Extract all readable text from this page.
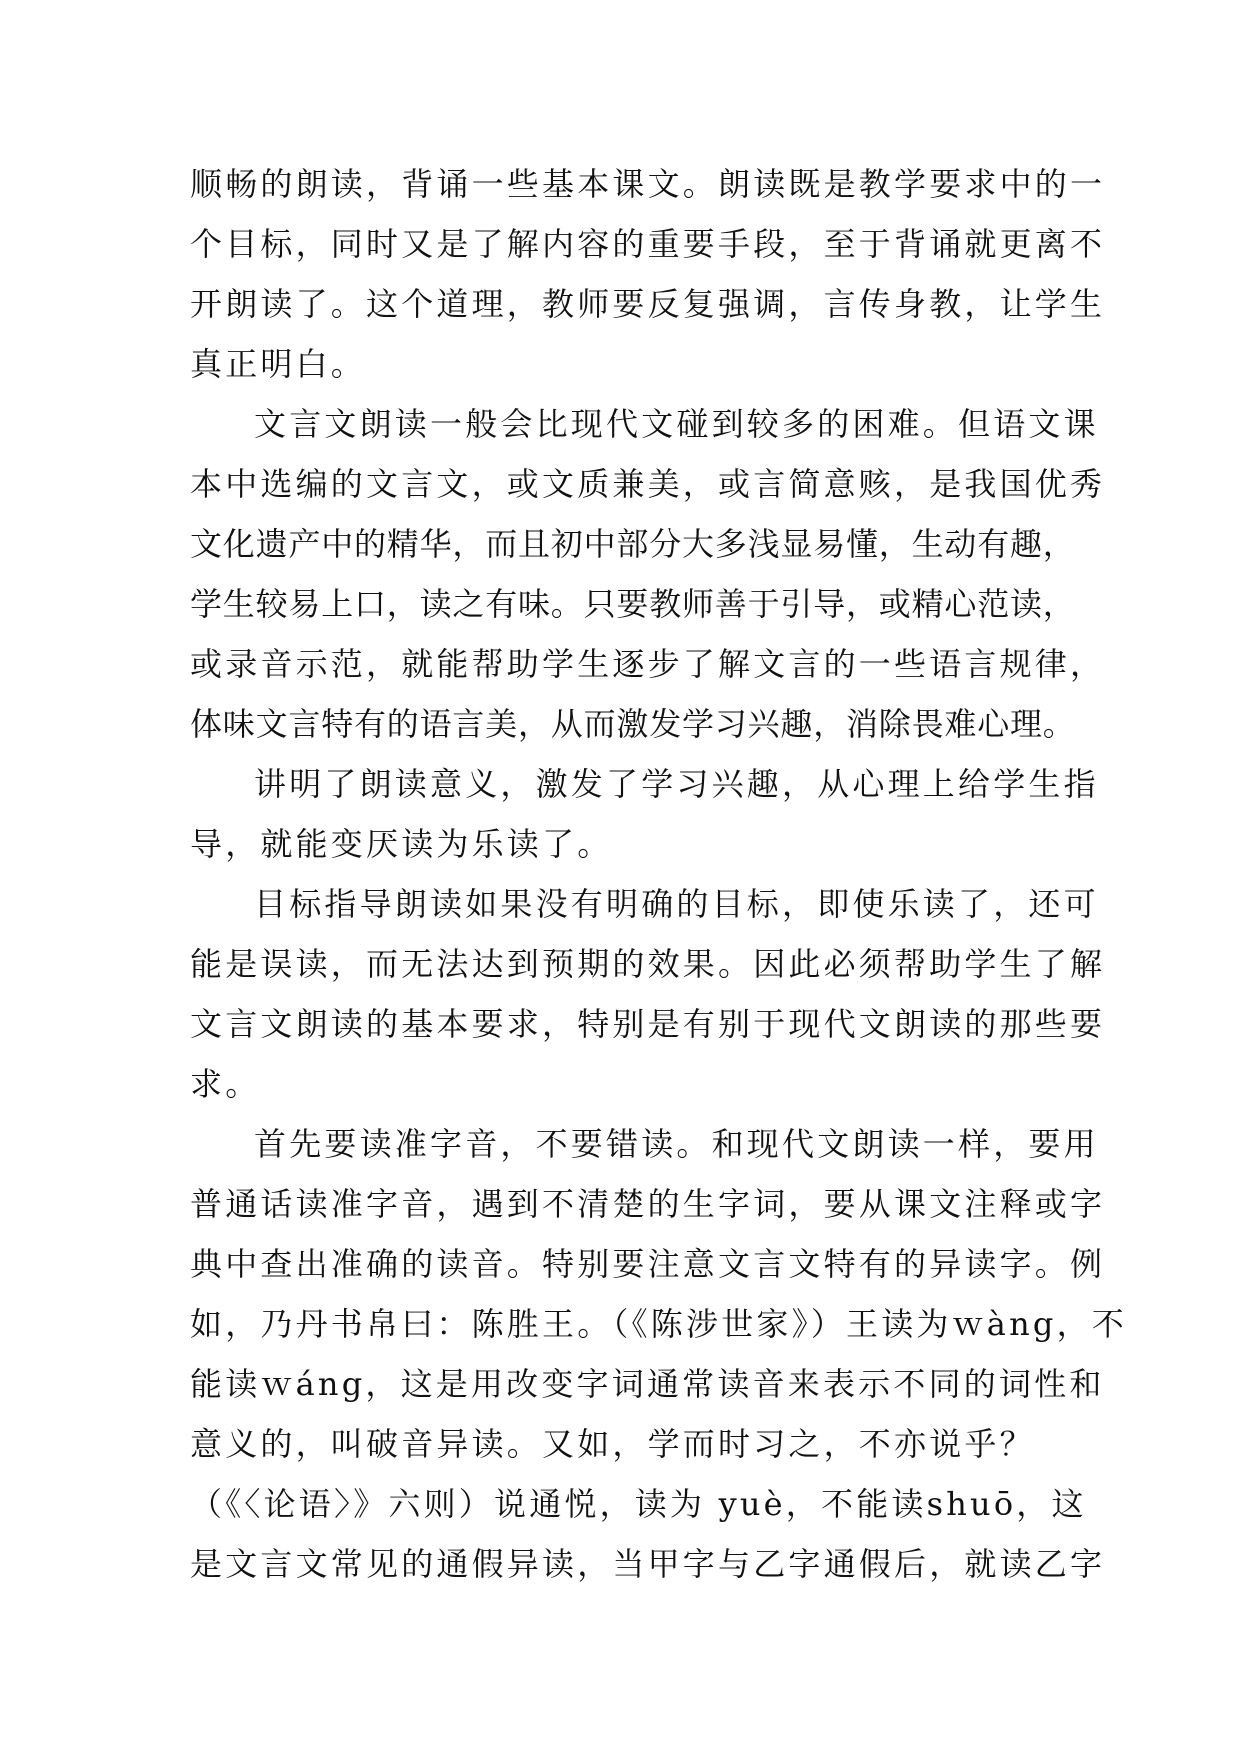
顺畅的朗读，背诵一些基本课文。朗读既是教学要求中的一
个目标，同时又是了解内容的重要手段，至于背诵就更离不
开朗读了。这个道理，教师要反复强调，言传身教，让学生
真正明白。
文言文朗读一般会比现代文碰到较多的困难。但语文课
本中选编的文言文，或文质兼美，或言简意赅，是我国优秀
文化遗产中的精华，而且初中部分大多浅显易懂，生动有趣，
学生较易上口，读之有味。只要教师善于引导，或精心范读，
或录音示范，就能帮助学生逐步了解文言的一些语言规律，
体味文言特有的语言美，从而激发学习兴趣，消除畏难心理。
讲明了朗读意义，激发了学习兴趣，从心理上给学生指
导，就能变厌读为乐读了。
目标指导朗读如果没有明确的目标，即使乐读了，还可
能是误读，而无法达到预期的效果。因此必须帮助学生了解
文言文朗读的基本要求，特别是有别于现代文朗读的那些要
求。
首先要读准字音，不要错读。和现代文朗读一样，要用
普通话读准字音，遇到不清楚的生字词，要从课文注释或字
典中查出准确的读音。特别要注意文言文特有的异读字。例
如，乃丹书帛曰：陈胜王。（《陈涉世家》）王读为ｗàng，不
能读ｗáng，这是用改变字词通常读音来表示不同的词性和
意义的，叫破音异读。又如，学而时习之，不亦说乎？
（《〈论语〉》六则）说通悦，读为 yuè，不能读shuō，这
是文言文常见的通假异读，当甲字与乙字通假后，就读乙字
